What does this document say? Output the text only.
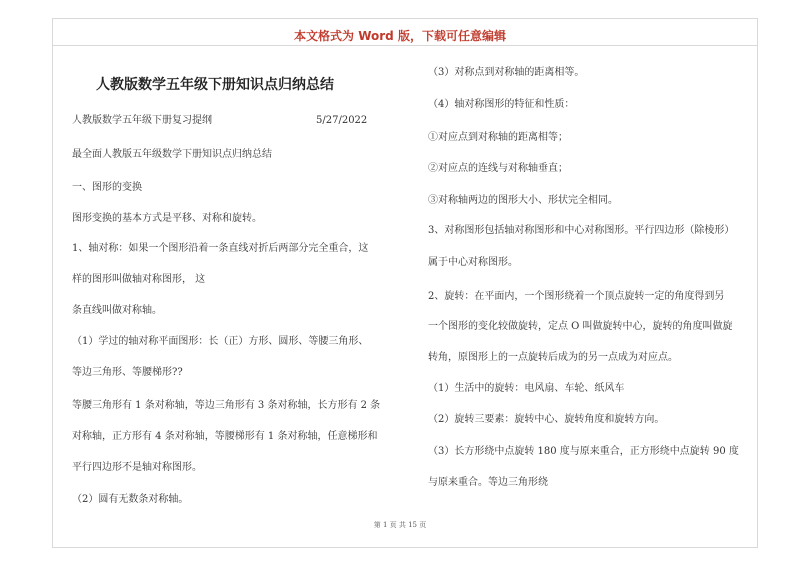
本文格式为 Word 版，下载可任意编辑
人教版数学五年级下册知识点归纳总结
人教版数学五年级下册复习提纲	5/27/2022
最全面人教版五年级数学下册知识点归纳总结
一、图形的变换
图形变换的基本方式是平移、对称和旋转。
1、轴对称：如果一个图形沿着一条直线对折后两部分完全重合，这
样的图形叫做轴对称图形， 这
条直线叫做对称轴。
（1）学过的轴对称平面图形：长（正）方形、圆形、等腰三角形、
等边三角形、等腰梯形??
等腰三角形有 1 条对称轴，等边三角形有 3 条对称轴，长方形有 2 条
对称轴，正方形有 4 条对称轴，等腰梯形有 1 条对称轴，任意梯形和
平行四边形不是轴对称图形。
（2）圆有无数条对称轴。
（3）对称点到对称轴的距离相等。
（4）轴对称图形的特征和性质：
①对应点到对称轴的距离相等；
②对应点的连线与对称轴垂直；
③对称轴两边的图形大小、形状完全相同。
3、对称图形包括轴对称图形和中心对称图形。平行四边形（除棱形）
属于中心对称图形。
2、旋转：在平面内，一个图形绕着一个顶点旋转一定的角度得到另
一个图形的变化较做旋转，定点 O 叫做旋转中心，旋转的角度叫做旋
转角，原图形上的一点旋转后成为的另一点成为对应点。
（1）生活中的旋转：电风扇、车轮、纸风车
（2）旋转三要素：旋转中心、旋转角度和旋转方向。
（3）长方形绕中点旋转 180 度与原来重合，正方形绕中点旋转 90 度
与原来重合。等边三角形绕
第 1 页 共 15 页
